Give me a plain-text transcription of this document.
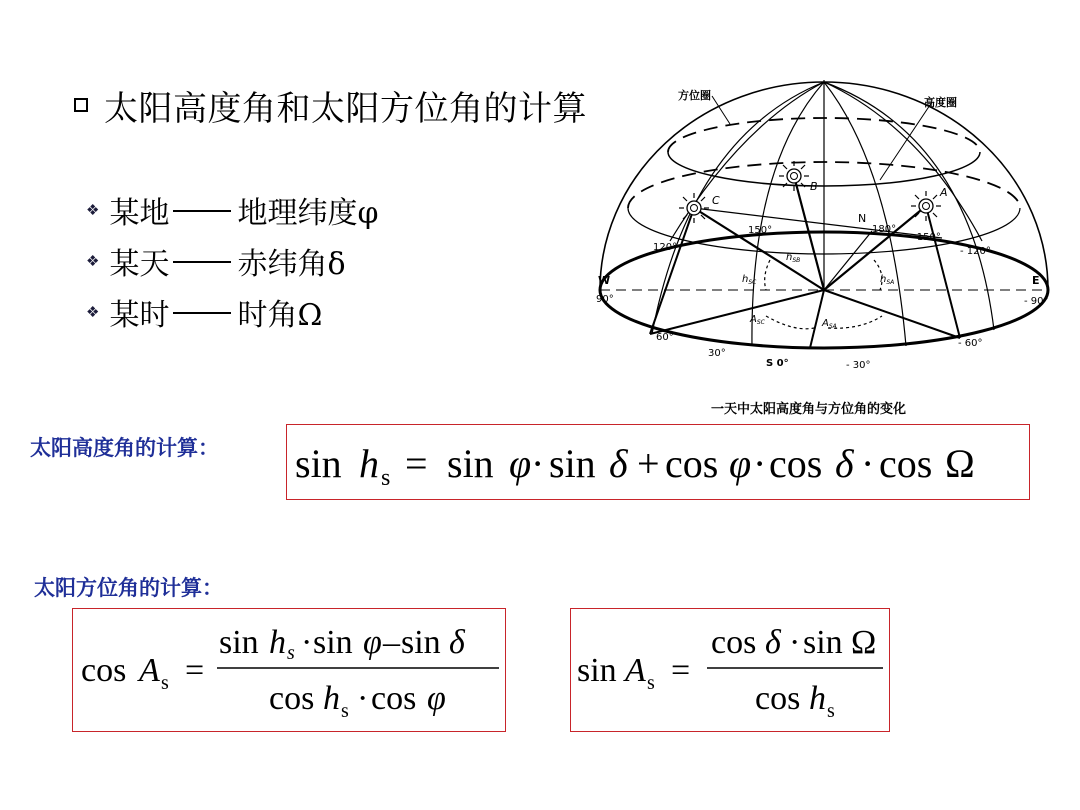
太阳高度角和太阳方位角的计算
❖ 某地 地理纬度φ
❖ 某天 赤纬角δ
❖ 某时 时角Ω
方位圈
高度圈
C
B	A
N
W
90°
E
- 90°
120°
150°	180°
- 150°
- 120°
60°
30°
S 0°	- 30°
- 60°
$h_{SC}$
$h_{SB}$
$h_{SA}$
$A_{SC}$	$A_{SA}$
一天中太阳高度角与方位角的变化
太阳高度角的计算： sin h s = sin φ · sin δ + cos φ · cos δ · cos Ω
太阳方位角的计算：
cos A s =
sin h s · sin φ – sin δ
cos h s · cos φ
sin A s =
cos δ · sin Ω
cos h s
